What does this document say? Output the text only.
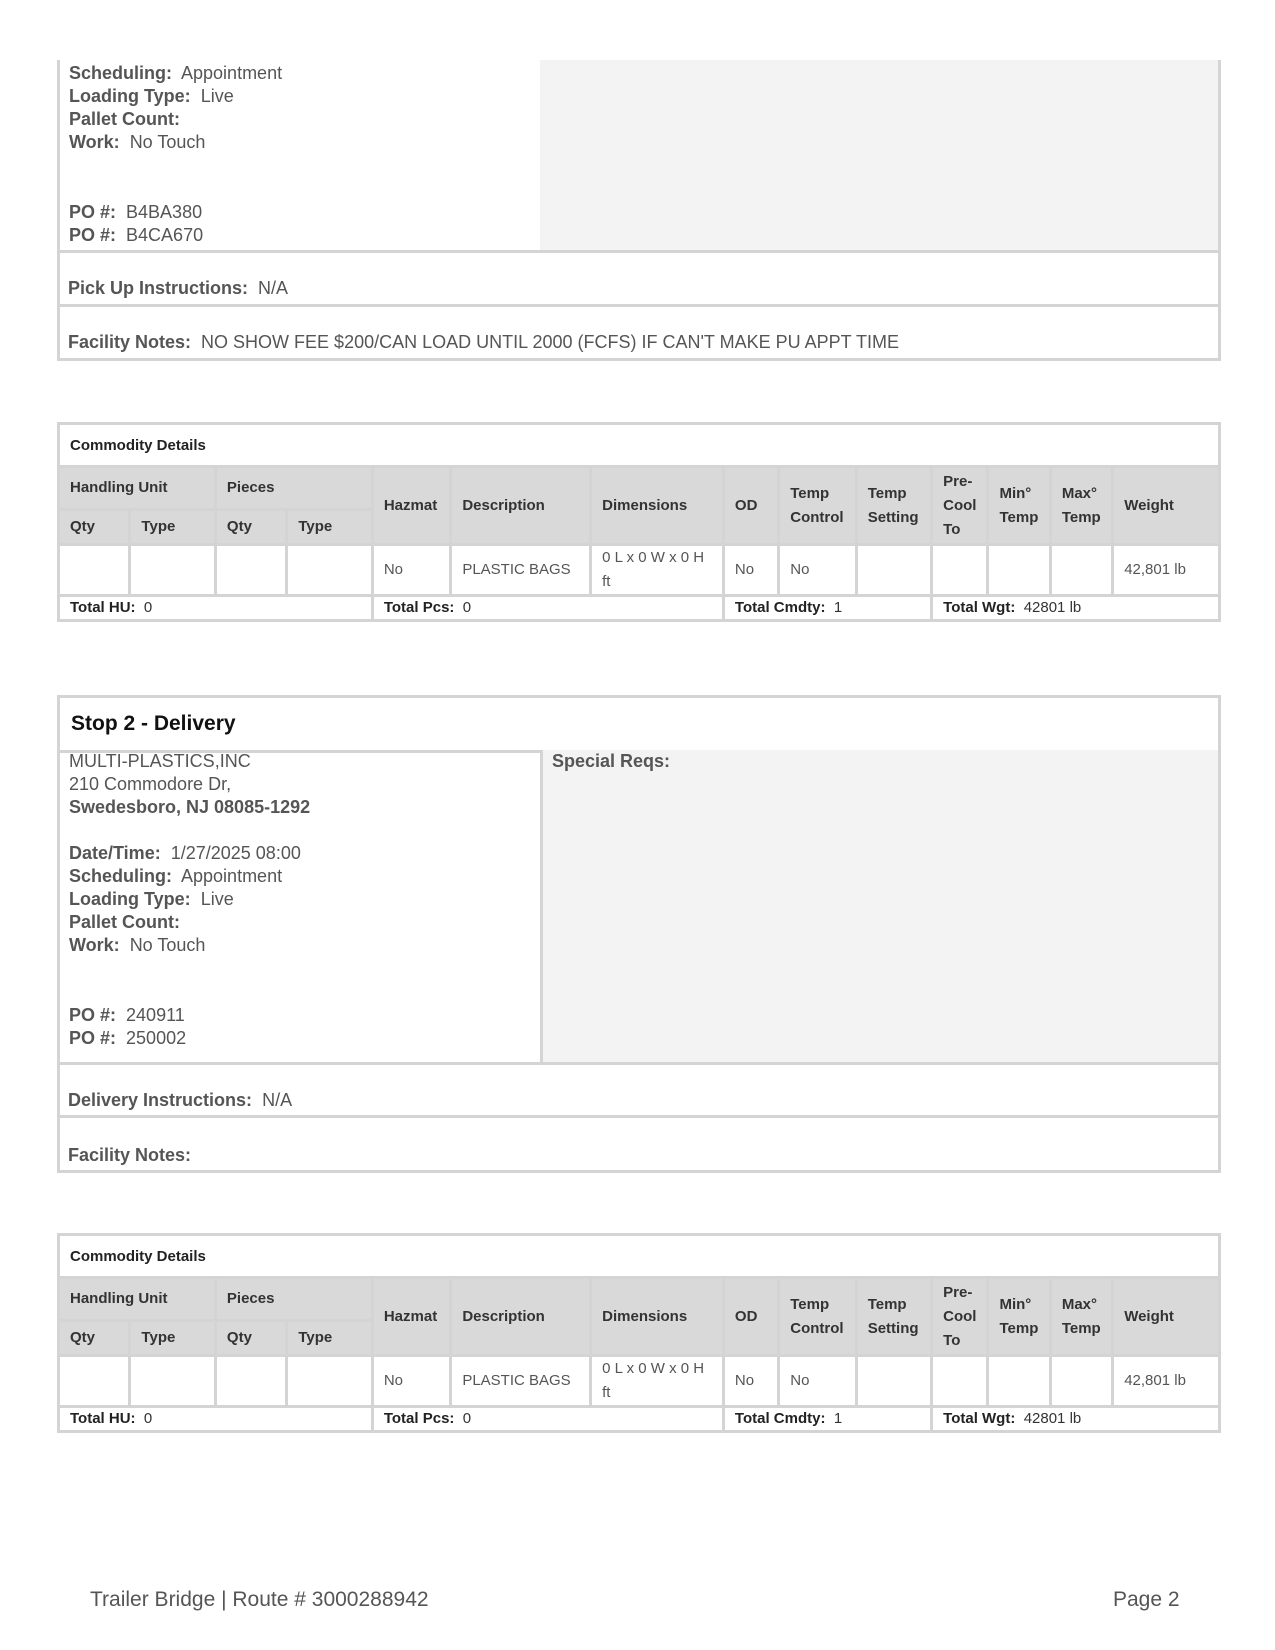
Scheduling: Appointment
Loading Type: Live
Pallet Count:
Work: No Touch
PO #: B4BA380
PO #: B4CA670
Pick Up Instructions: N/A
Facility Notes: NO SHOW FEE $200/CAN LOAD UNTIL 2000 (FCFS) IF CAN'T MAKE PU APPT TIME
Commodity Details													
Handling Unit		Pieces		Hazmat	Description	Dimensions	OD	Temp Control	Temp Setting	Pre-Cool To	Min° Temp	Max° Temp	Weight
Qty	Type	Qty	Type										
				No	PLASTIC BAGS	0 L x 0 W x 0 H ft	No	No					42,801 lb
Total HU: 0				Total Pcs: 0			Total Cmdty: 1			Total Wgt: 42801 lb			
Stop 2 - Delivery
MULTI-PLASTICS,INC
210 Commodore Dr,
Swedesboro, NJ 08085-1292
Date/Time: 1/27/2025 08:00
Scheduling: Appointment
Loading Type: Live
Pallet Count:
Work: No Touch
PO #: 240911
PO #: 250002
Special Reqs:
Delivery Instructions: N/A
Facility Notes:
Commodity Details													
Handling Unit		Pieces		Hazmat	Description	Dimensions	OD	Temp Control	Temp Setting	Pre-Cool To	Min° Temp	Max° Temp	Weight
Qty	Type	Qty	Type										
				No	PLASTIC BAGS	0 L x 0 W x 0 H ft	No	No					42,801 lb
Total HU: 0				Total Pcs: 0			Total Cmdty: 1			Total Wgt: 42801 lb			
Trailer Bridge | Route # 3000288942	Page 2
